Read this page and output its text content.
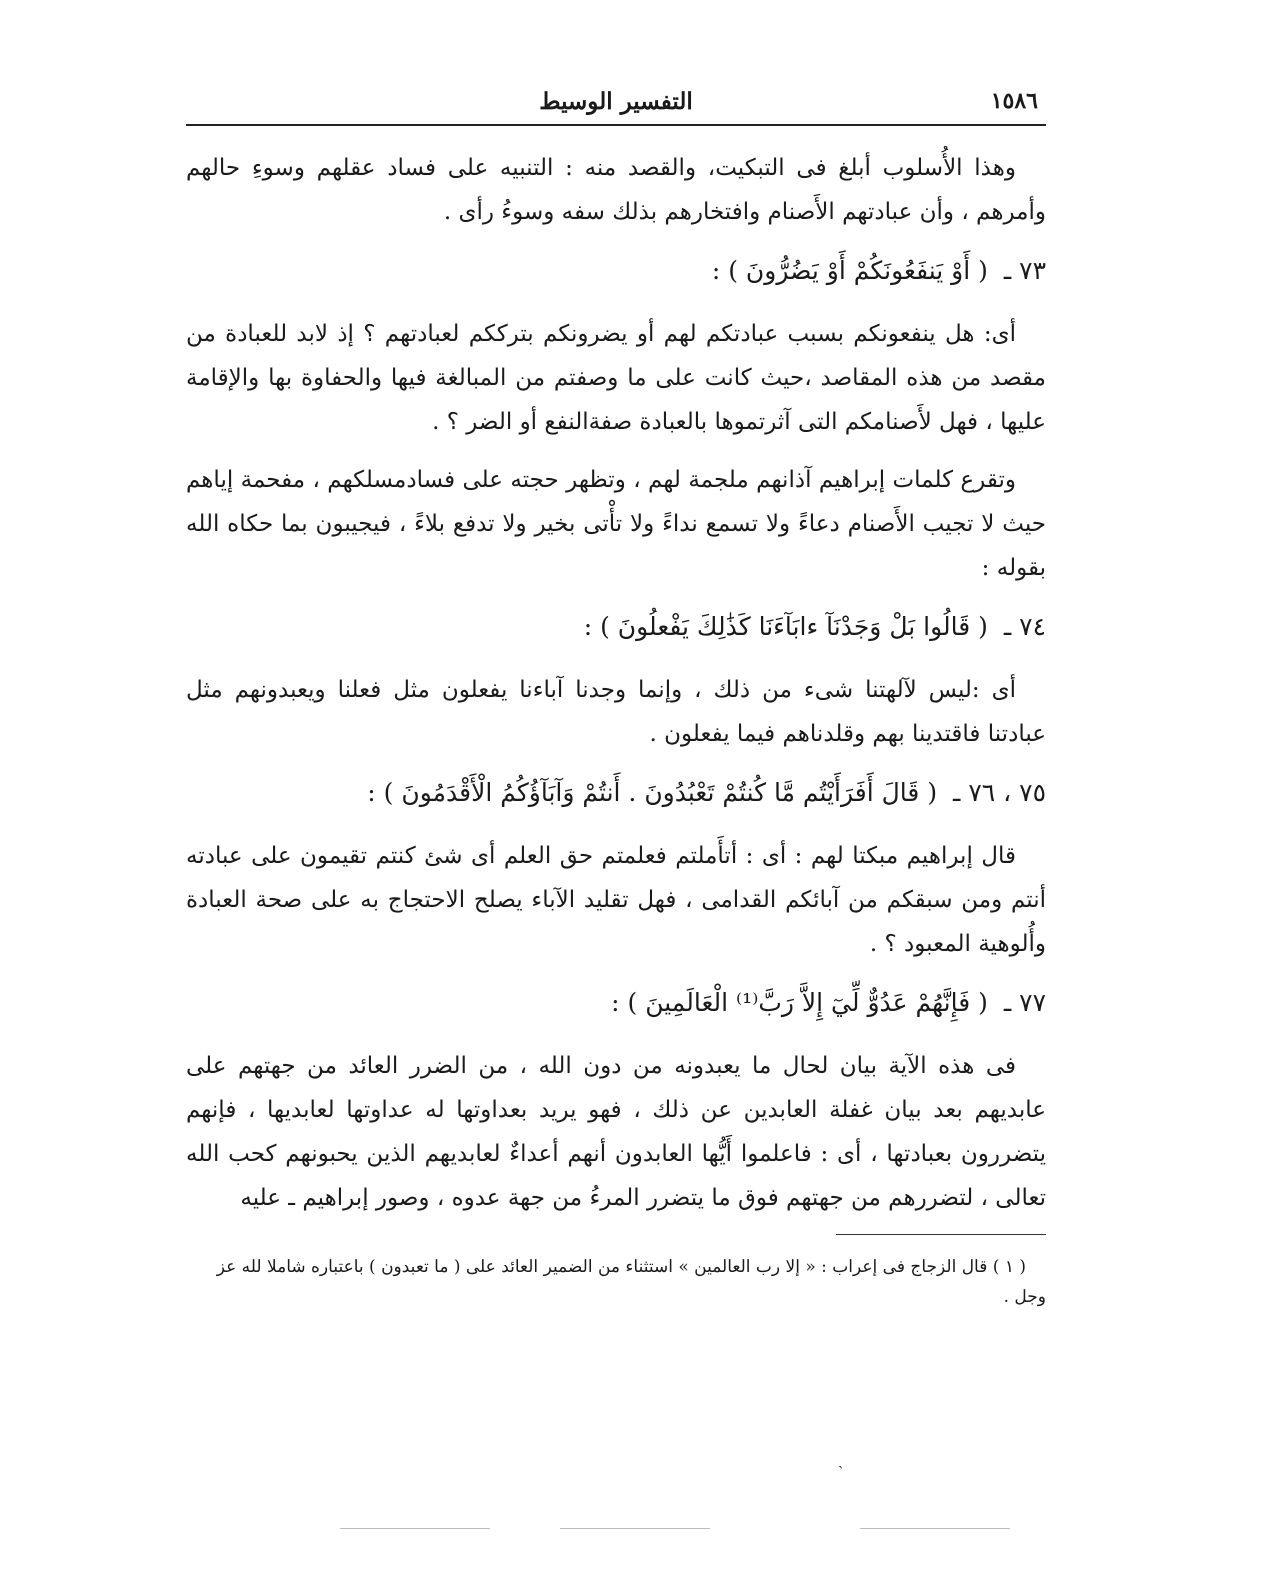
التفسير الوسيط	١٥٨٦

وهذا الأُسلوب أبلغ فى التبكيت، والقصد منه : التنبيه على فساد عقلهم وسوءِ حالهم وأمرهم ، وأن عبادتهم الأَصنام وافتخارهم بذلك سفه وسوءُ رأى .

٧٣ ـ ( أَوْ يَنفَعُونَكُمْ أَوْ يَضُرُّونَ ) :

أى: هل ينفعونكم بسبب عبادتكم لهم أو يضرونكم بترككم لعبادتهم ؟ إذ لابد للعبادة من مقصد من هذه المقاصد ،حيث كانت على ما وصفتم من المبالغة فيها والحفاوة بها والإقامة عليها ، فهل لأَصنامكم التى آثرتموها بالعبادة صفةالنفع أو الضر ؟ .

وتقرع كلمات إبراهيم آذانهم ملجمة لهم ، وتظهر حجته على فسادمسلكهم ، مفحمة إياهم حيث لا تجيب الأَصنام دعاءً ولا تسمع نداءً ولا تأْتى بخير ولا تدفع بلاءً ، فيجيبون بما حكاه الله بقوله :

٧٤ ـ ( قَالُوا بَلْ وَجَدْنَآ ءابَآءَنَا كَذَٰلِكَ يَفْعلُونَ ) :

أى :ليس لآلهتنا شىء من ذلك ، وإنما وجدنا آباءنا يفعلون مثل فعلنا ويعبدونهم مثل عبادتنا فاقتدينا بهم وقلدناهم فيما يفعلون .

٧٥ ، ٧٦ ـ ( قَالَ أَفَرَأَيْتُم مَّا كُنتُمْ تَعْبُدُونَ . أَنتُمْ وَآبَآؤُكُمُ الْأَقْدَمُونَ ) :

قال إبراهيم مبكتا لهم : أى : أتأَملتم فعلمتم حق العلم أى شئ كنتم تقيمون على عبادته أنتم ومن سبقكم من آبائكم القدامى ، فهل تقليد الآباء يصلح الاحتجاج به على صحة العبادة وأُلوهية المعبود ؟ .

٧٧ ـ ( فَإِنَّهُمْ عَدُوٌّ لِّيٓ إِلاَّ رَبَّ⁽¹⁾ الْعَالَمِينَ ) :

فى هذه الآية بيان لحال ما يعبدونه من دون الله ، من الضرر العائد من جهتهم على عابديهم بعد بيان غفلة العابدين عن ذلك ، فهو يريد بعداوتها له عداوتها لعابديها ، فإنهم يتضررون بعبادتها ، أى : فاعلموا أَيُّها العابدون أنهم أعداءٌ لعابديهم الذين يحبونهم كحب الله تعالى ، لتضررهم من جهتهم فوق ما يتضرر المرءُ من جهة عدوه ، وصور إبراهيم ـ عليه

( ١ ) قال الزجاج فى إعراب : « إلا رب العالمين » استثناء من الضمير العائد على ( ما تعبدون ) باعتباره شاملا لله عز وجل .

ˎ
